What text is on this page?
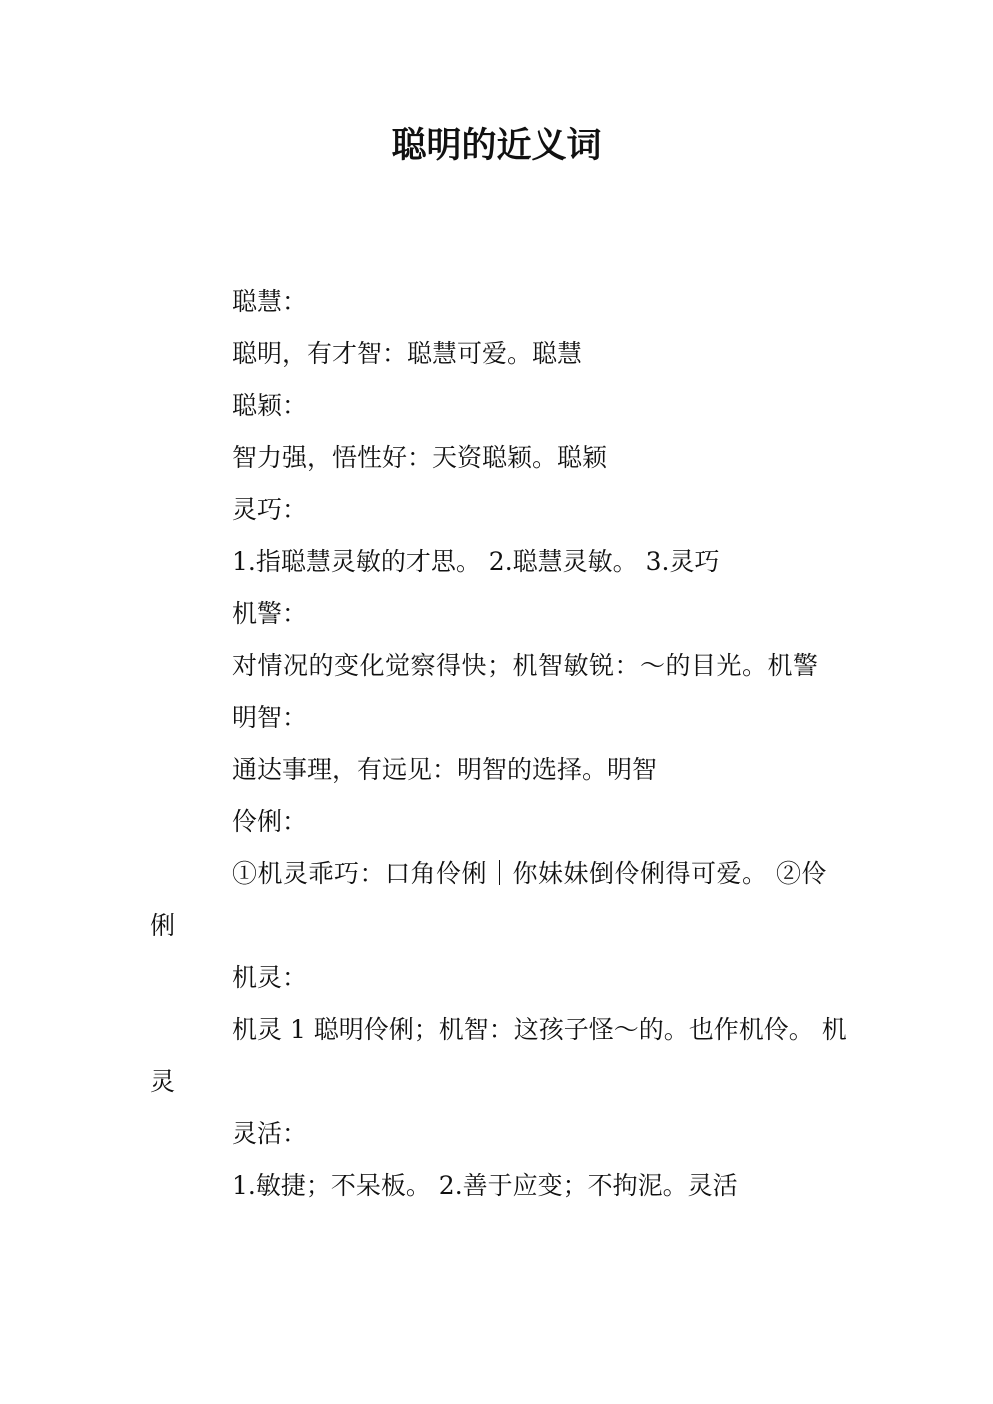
聪明的近义词

聪慧：

聪明，有才智：聪慧可爱。聪慧

聪颖：

智力强，悟性好：天资聪颖。聪颖

灵巧：

1.指聪慧灵敏的才思。 2.聪慧灵敏。 3.灵巧

机警：

对情况的变化觉察得快；机智敏锐：～的目光。机警

明智：

通达事理，有远见：明智的选择。明智

伶俐：

①机灵乖巧：口角伶俐｜你妹妹倒伶俐得可爱。 ②伶俐

机灵：

机灵 1 聪明伶俐；机智：这孩子怪～的。也作机伶。 机灵

灵活：

1.敏捷；不呆板。 2.善于应变；不拘泥。灵活
